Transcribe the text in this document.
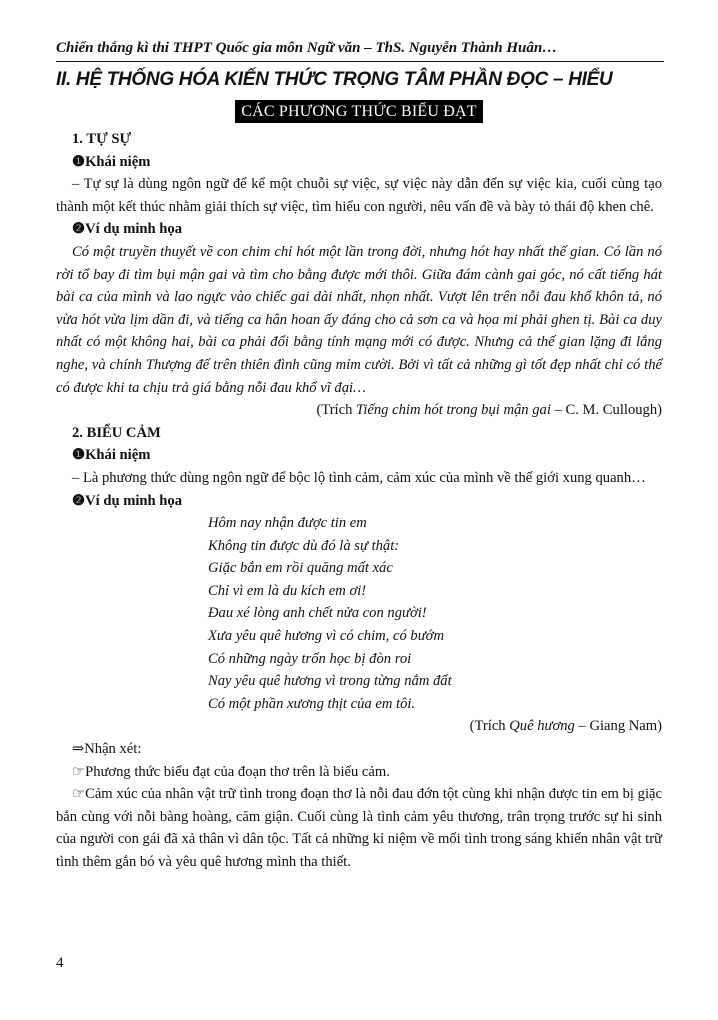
Chiến thắng kì thi THPT Quốc gia môn Ngữ văn – ThS. Nguyễn Thành Huân…
II. HỆ THỐNG HÓA KIẾN THỨC TRỌNG TÂM PHẦN ĐỌC – HIỂU
CÁC PHƯƠNG THỨC BIỂU ĐẠT
1. TỰ SỰ
❶Khái niệm

– Tự sự là dùng ngôn ngữ để kể một chuỗi sự việc, sự việc này dẫn đến sự việc kia, cuối cùng tạo thành một kết thúc nhằm giải thích sự việc, tìm hiểu con người, nêu vấn đề và bày tỏ thái độ khen chê.

❷Ví dụ minh họa

Có một truyền thuyết về con chim chỉ hót một lần trong đời, nhưng hót hay nhất thế gian. Có lần nó rời tổ bay đi tìm bụi mận gai và tìm cho bằng được mới thôi. Giữa đám cành gai góc, nó cất tiếng hát bài ca của mình và lao ngực vào chiếc gai dài nhất, nhọn nhất. Vượt lên trên nỗi đau khổ khôn tả, nó vừa hót vừa lịm dần đi, và tiếng ca hân hoan ấy đáng cho cả sơn ca và họa mi phải ghen tị. Bài ca duy nhất có một không hai, bài ca phải đổi bằng tính mạng mới có được. Nhưng cả thế gian lặng đi lắng nghe, và chính Thượng đế trên thiên đình cũng mỉm cười. Bởi vì tất cả những gì tốt đẹp nhất chỉ có thể có được khi ta chịu trả giá bằng nỗi đau khổ vĩ đại…

(Trích Tiếng chim hót trong bụi mận gai – C. M. Cullough)
2. BIỂU CẢM
❶Khái niệm

– Là phương thức dùng ngôn ngữ để bộc lộ tình cảm, cảm xúc của mình về thế giới xung quanh…

❷Ví dụ minh họa
Hôm nay nhận được tin em
Không tin được dù đó là sự thật:
Giặc bắn em rồi quăng mất xác
Chỉ vì em là du kích em ơi!
Đau xé lòng anh chết nửa con người!
Xưa yêu quê hương vì có chim, có bướm
Có những ngày trốn học bị đòn roi
Nay yêu quê hương vì trong từng nắm đất
Có một phần xương thịt của em tôi.
(Trích Quê hương – Giang Nam)
⇒Nhận xét:
☞Phương thức biểu đạt của đoạn thơ trên là biểu cảm.

☞Cảm xúc của nhân vật trữ tình trong đoạn thơ là nỗi đau đớn tột cùng khi nhận được tin em bị giặc bắn cùng với nỗi bàng hoàng, căm giận. Cuối cùng là tình cảm yêu thương, trân trọng trước sự hi sinh của người con gái đã xả thân vì dân tộc. Tất cả những kỉ niệm về mối tình trong sáng khiến nhân vật trữ tình thêm gắn bó và yêu quê hương mình tha thiết.

4
